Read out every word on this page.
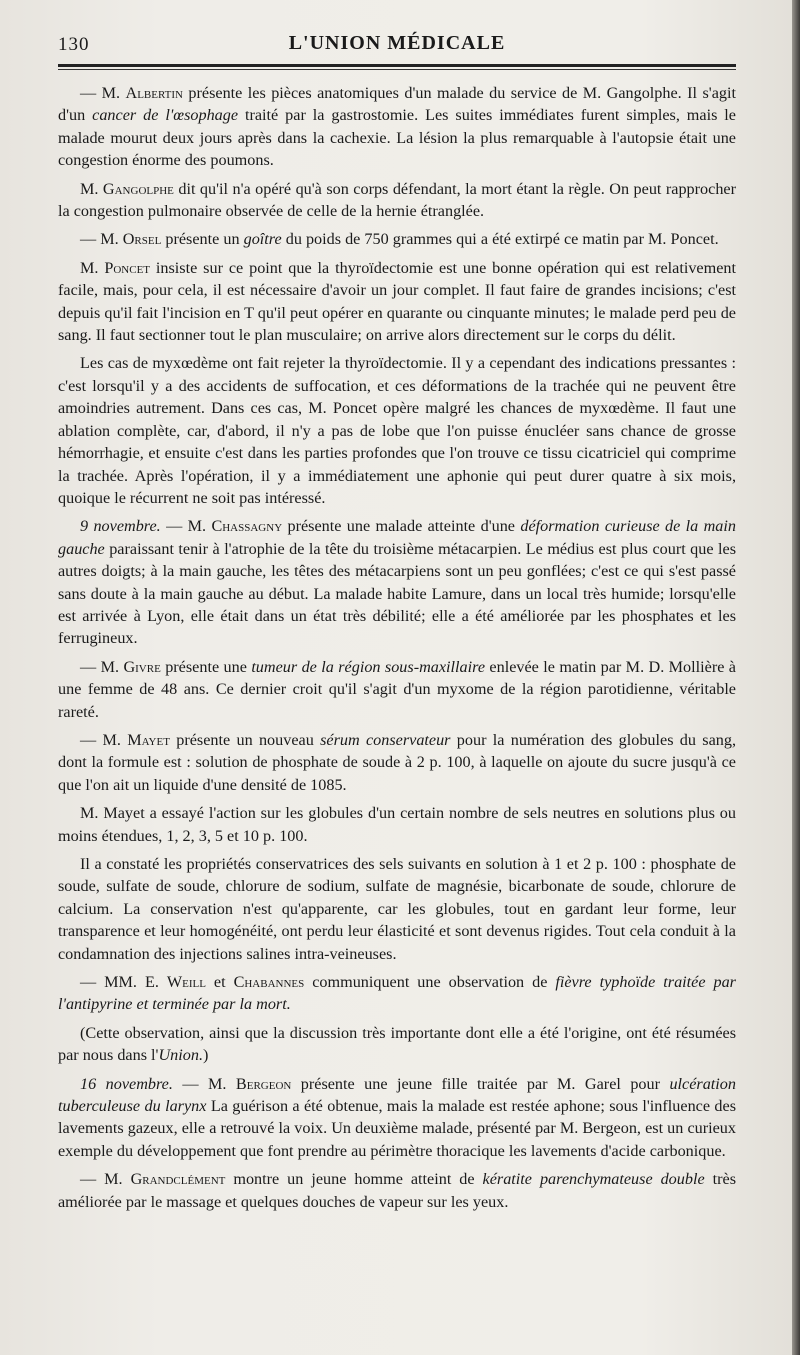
130	L'UNION MÉDICALE

— M. Albertin présente les pièces anatomiques d'un malade du service de M. Gangolphe. Il s'agit d'un cancer de l'œsophage traité par la gastrostomie. Les suites immédiates furent simples, mais le malade mourut deux jours après dans la cachexie. La lésion la plus remarquable à l'autopsie était une congestion énorme des poumons.

M. Gangolphe dit qu'il n'a opéré qu'à son corps défendant, la mort étant la règle. On peut rapprocher la congestion pulmonaire observée de celle de la hernie étranglée.

— M. Orsel présente un goître du poids de 750 grammes qui a été extirpé ce matin par M. Poncet.

M. Poncet insiste sur ce point que la thyroïdectomie est une bonne opération qui est relativement facile, mais, pour cela, il est nécessaire d'avoir un jour complet. Il faut faire de grandes incisions; c'est depuis qu'il fait l'incision en T qu'il peut opérer en quarante ou cinquante minutes; le malade perd peu de sang. Il faut sectionner tout le plan musculaire; on arrive alors directement sur le corps du délit.

Les cas de myxœdème ont fait rejeter la thyroïdectomie. Il y a cependant des indications pressantes : c'est lorsqu'il y a des accidents de suffocation, et ces déformations de la trachée qui ne peuvent être amoindries autrement. Dans ces cas, M. Poncet opère malgré les chances de myxœdème. Il faut une ablation complète, car, d'abord, il n'y a pas de lobe que l'on puisse énucléer sans chance de grosse hémorrhagie, et ensuite c'est dans les parties profondes que l'on trouve ce tissu cicatriciel qui comprime la trachée. Après l'opération, il y a immédiatement une aphonie qui peut durer quatre à six mois, quoique le récurrent ne soit pas intéressé.

9 novembre. — M. Chassagny présente une malade atteinte d'une déformation curieuse de la main gauche paraissant tenir à l'atrophie de la tête du troisième métacarpien. Le médius est plus court que les autres doigts; à la main gauche, les têtes des métacarpiens sont un peu gonflées; c'est ce qui s'est passé sans doute à la main gauche au début. La malade habite Lamure, dans un local très humide; lorsqu'elle est arrivée à Lyon, elle était dans un état très débilité; elle a été améliorée par les phosphates et les ferrugineux.

— M. Givre présente une tumeur de la région sous-maxillaire enlevée le matin par M. D. Mollière à une femme de 48 ans. Ce dernier croit qu'il s'agit d'un myxome de la région parotidienne, véritable rareté.

— M. Mayet présente un nouveau sérum conservateur pour la numération des globules du sang, dont la formule est : solution de phosphate de soude à 2 p. 100, à laquelle on ajoute du sucre jusqu'à ce que l'on ait un liquide d'une densité de 1085.

M. Mayet a essayé l'action sur les globules d'un certain nombre de sels neutres en solutions plus ou moins étendues, 1, 2, 3, 5 et 10 p. 100.

Il a constaté les propriétés conservatrices des sels suivants en solution à 1 et 2 p. 100 : phosphate de soude, sulfate de soude, chlorure de sodium, sulfate de magnésie, bicarbonate de soude, chlorure de calcium. La conservation n'est qu'apparente, car les globules, tout en gardant leur forme, leur transparence et leur homogénéité, ont perdu leur élasticité et sont devenus rigides. Tout cela conduit à la condamnation des injections salines intra-veineuses.

— MM. E. Weill et Chabannes communiquent une observation de fièvre typhoïde traitée par l'antipyrine et terminée par la mort.

(Cette observation, ainsi que la discussion très importante dont elle a été l'origine, ont été résumées par nous dans l'Union.)

16 novembre. — M. Bergeon présente une jeune fille traitée par M. Garel pour ulcération tuberculeuse du larynx La guérison a été obtenue, mais la malade est restée aphone; sous l'influence des lavements gazeux, elle a retrouvé la voix. Un deuxième malade, présenté par M. Bergeon, est un curieux exemple du développement que font prendre au périmètre thoracique les lavements d'acide carbonique.

— M. Grandclément montre un jeune homme atteint de kératite parenchymateuse double très améliorée par le massage et quelques douches de vapeur sur les yeux.
